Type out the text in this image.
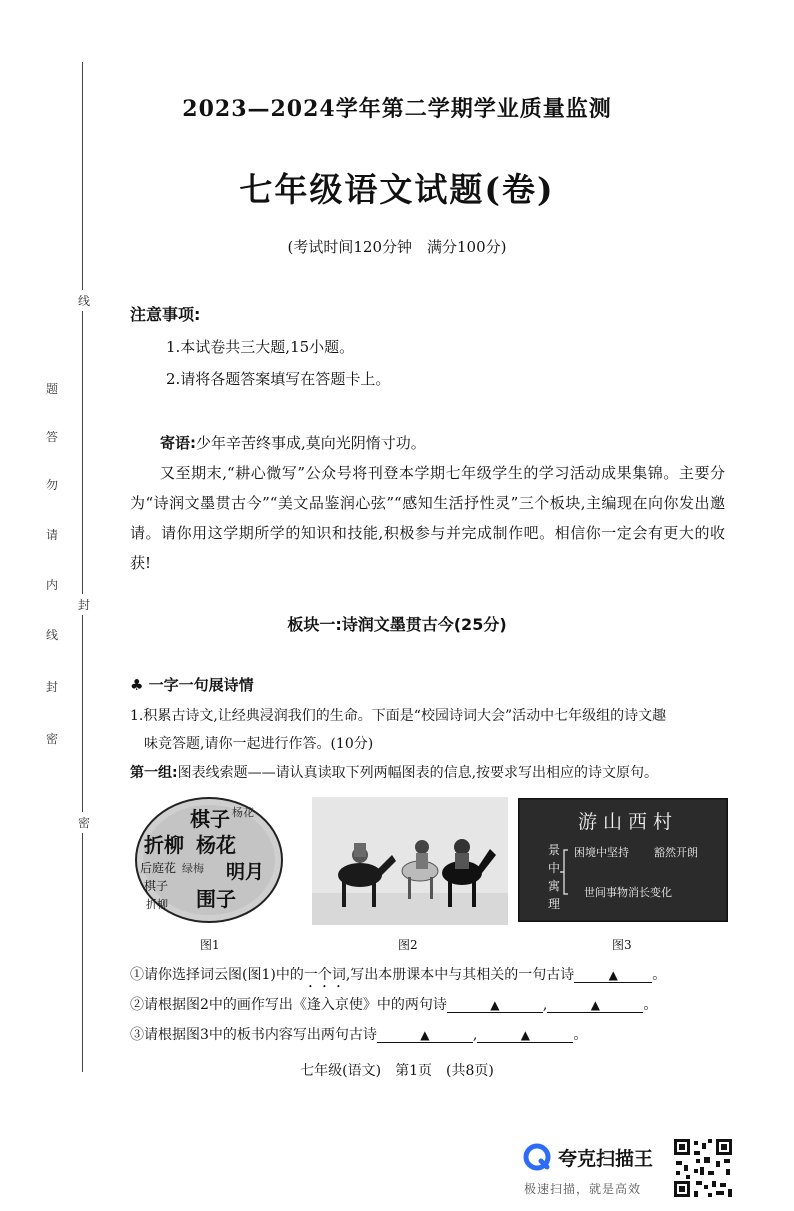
线
封
密
题
答
勿
请
内
线
封
密
2023—2024学年第二学期学业质量监测
七年级语文试题(卷)
(考试时间120分钟　满分100分)
注意事项:
1.本试卷共三大题,15小题。
2.请将各题答案填写在答题卡上。
寄语:少年辛苦终事成,莫向光阴惰寸功。
又至期末,“耕心微写”公众号将刊登本学期七年级学生的学习活动成果集锦。主要分为“诗润文墨贯古今”“美文品鉴润心弦”“感知生活抒性灵”三个板块,主编现在向你发出邀请。请你用这学期所学的知识和技能,积极参与并完成制作吧。相信你一定会有更大的收获!
板块一:诗润文墨贯古今(25分)
♣ 一字一句展诗情
1.积累古诗文,让经典浸润我们的生命。下面是“校园诗词大会”活动中七年级组的诗文趣
味竞答题,请你一起进行作答。(10分)
第一组:图表线索题——请认真读取下列两幅图表的信息,按要求写出相应的诗文原句。
棋子 杨花
折柳 杨花
后庭花 绿梅 明月
棋子
折柳 围子
图1	图2
游山西村
景
中
寓
理
困境中坚持 豁然开朗
世间事物消长变化
图3
①请你选择词云图(图1)中的一个词,写出本册课本中与其相关的一句古诗	▲ 。
②请根据图2中的画作写出《逢入京使》中的两句诗	▲	,	▲	。
③请根据图3中的板书内容写出两句古诗	▲	,	▲	。
七年级(语文)　第1页　(共8页)
夸克扫描王
极速扫描，就是高效
